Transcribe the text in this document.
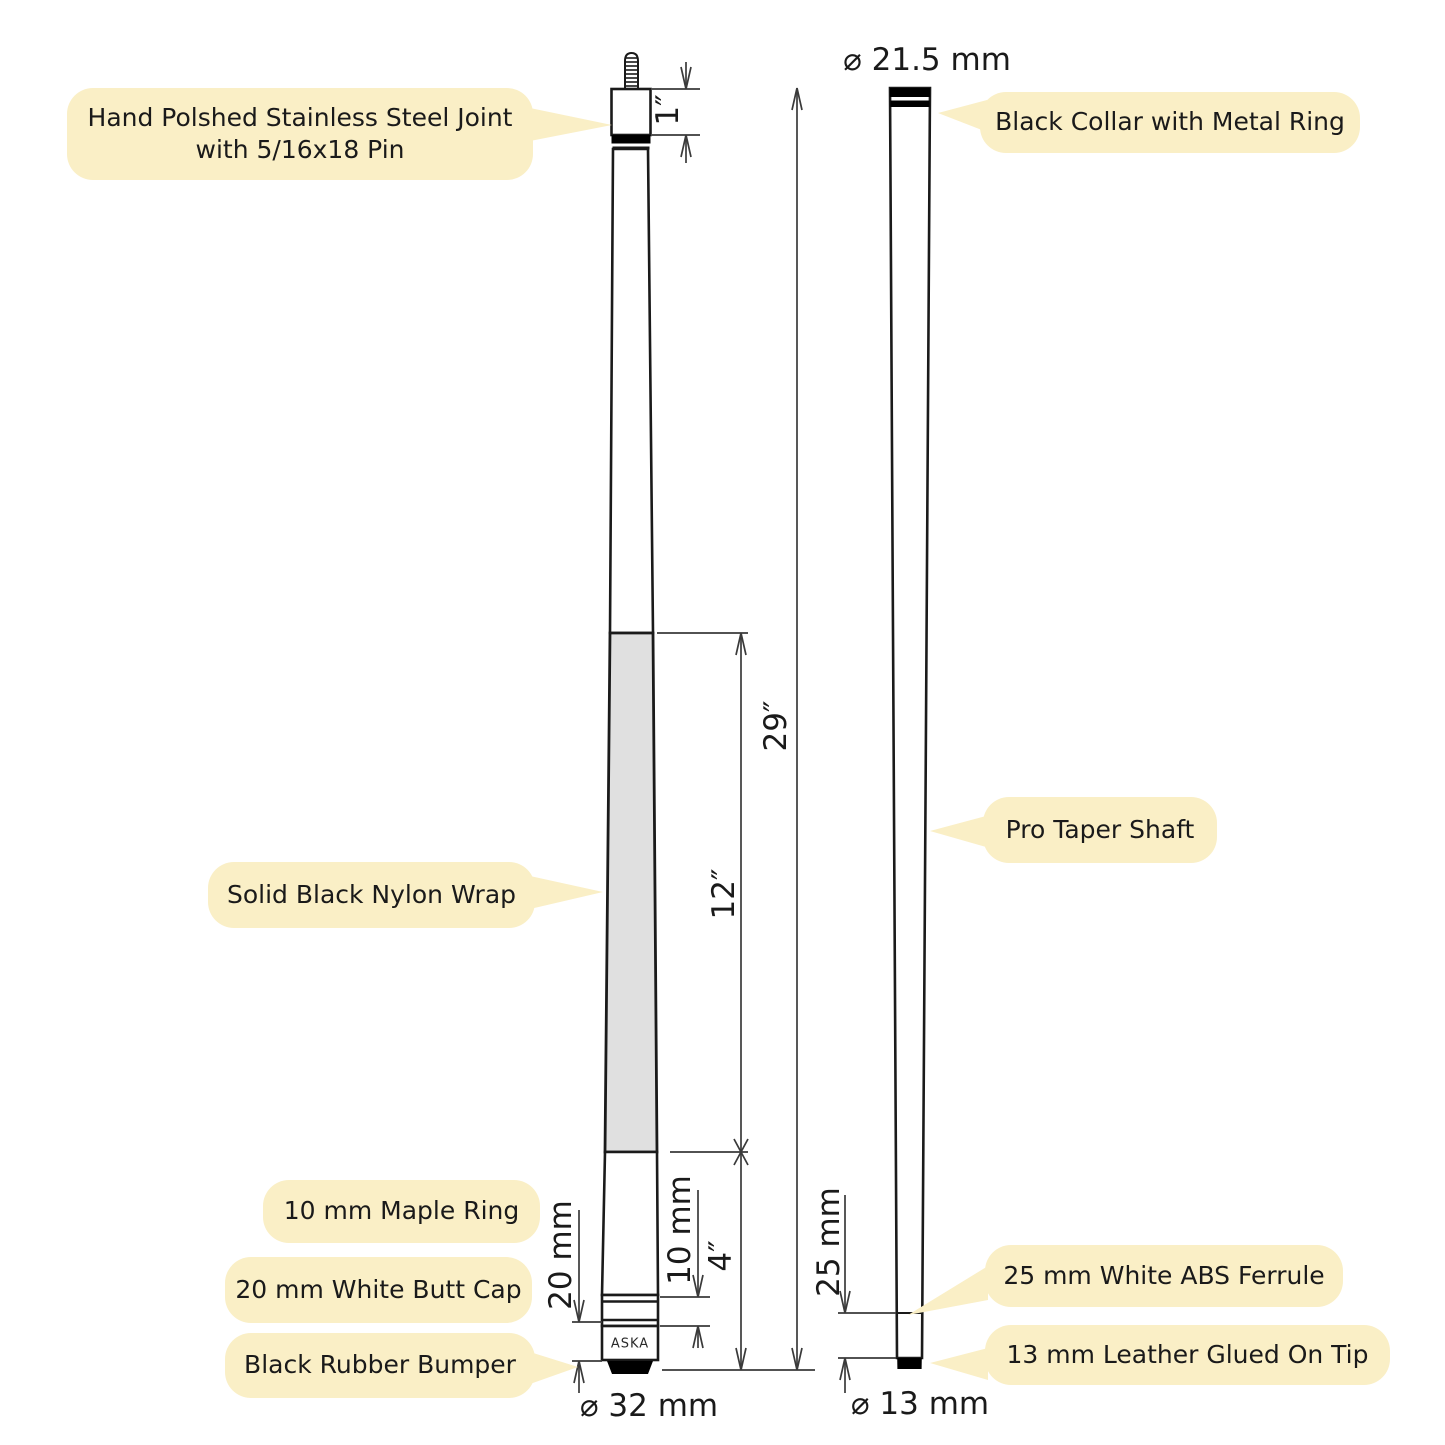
Hand Polshed Stainless Steel Joint
with 5/16x18 Pin
Black Collar with Metal Ring
Solid Black Nylon Wrap
Pro Taper Shaft
10 mm Maple Ring
20 mm White Butt Cap
Black Rubber Bumper
25 mm White ABS Ferrule
13 mm Leather Glued On Tip
1″
29″
12″
4″
20 mm	10 mm	25 mm
⌀ 21.5 mm
⌀ 32 mm	⌀ 13 mm
ASKA
